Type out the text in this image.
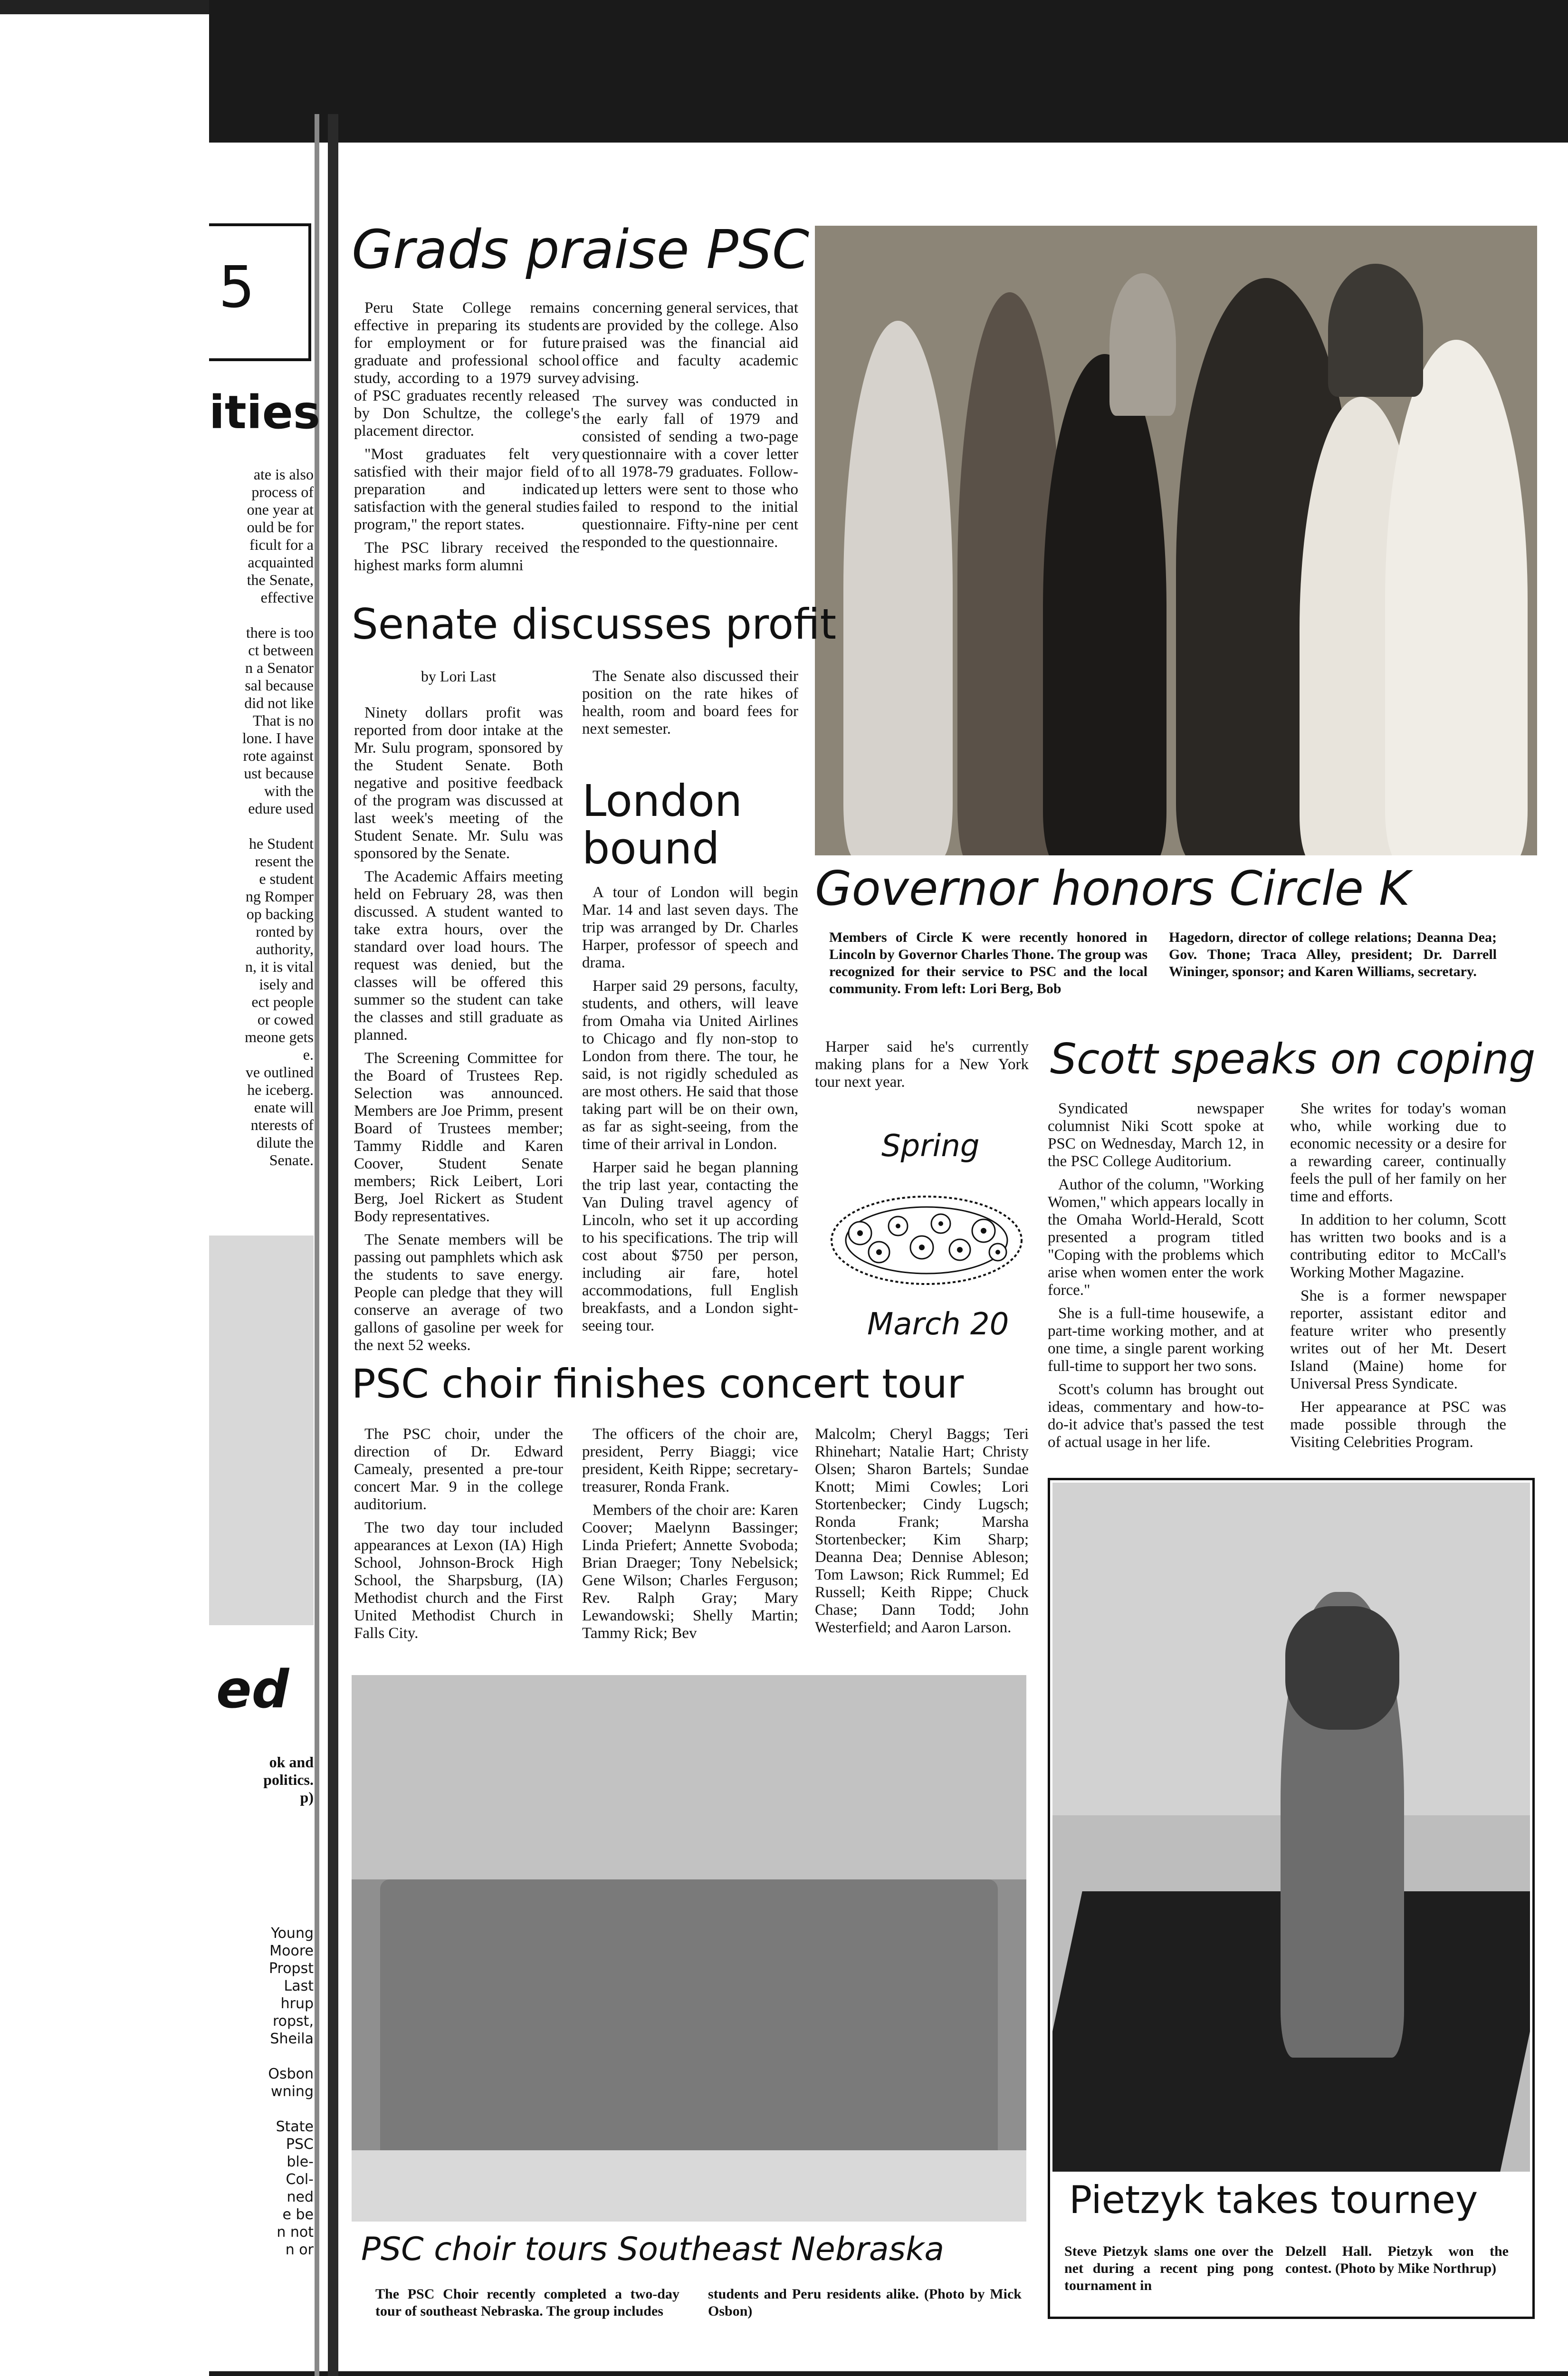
5
ities
ate is also
process of
one year at
ould be for
ficult for a
acquainted
the Senate,
effective

there is too
ct between
n a Senator
sal because
did not like
That is no
lone. I have
rote against
ust because
with the
edure used

he Student
resent the
e student
ng Romper
op backing
ronted by
authority,
n, it is vital
isely and
ect people
or cowed
meone gets
e.
ve outlined
he iceberg.
enate will
nterests of
dilute the
Senate.
ed
ok and
politics.
p)
Young
Moore
Propst
Last
hrup
ropst,
Sheila

Osbon
wning

State
PSC
ble-
Col-
ned
e be
n not
n or
Grads praise PSC

Peru State College remains effective in preparing its students for employment or for future graduate and professional school study, according to a 1979 survey of PSC graduates recently released by Don Schultze, the college's placement director.

"Most graduates felt very satisfied with their major field of preparation and indicated satisfaction with the general studies program," the report states.

The PSC library received the highest marks form alumni

concerning general services, that are provided by the college. Also praised was the financial aid office and faculty academic advising.

The survey was conducted in the early fall of 1979 and consisted of sending a two-page questionnaire with a cover letter to all 1978-79 graduates. Follow-up letters were sent to those who failed to respond to the initial questionnaire. Fifty-nine per cent responded to the questionnaire.

Senate discusses profit
by Lori Last

Ninety dollars profit was reported from door intake at the Mr. Sulu program, sponsored by the Student Senate. Both negative and positive feedback of the program was discussed at last week's meeting of the Student Senate. Mr. Sulu was sponsored by the Senate.

The Academic Affairs meeting held on February 28, was then discussed. A student wanted to take extra hours, over the standard over load hours. The request was denied, but the classes will be offered this summer so the student can take the classes and still graduate as planned.

The Screening Committee for the Board of Trustees Rep. Selection was announced. Members are Joe Primm, present Board of Trustees member; Tammy Riddle and Karen Coover, Student Senate members; Rick Leibert, Lori Berg, Joel Rickert as Student Body representatives.

The Senate members will be passing out pamphlets which ask the students to save energy. People can pledge that they will conserve an average of two gallons of gasoline per week for the next 52 weeks.

The Senate also discussed their position on the rate hikes of health, room and board fees for next semester.

London
bound

A tour of London will begin Mar. 14 and last seven days. The trip was arranged by Dr. Charles Harper, professor of speech and drama.

Harper said 29 persons, faculty, students, and others, will leave from Omaha via United Airlines to Chicago and fly non-stop to London from there. The tour, he said, is not rigidly scheduled as are most others. He said that those taking part will be on their own, as far as sight-seeing, from the time of their arrival in London.

Harper said he began planning the trip last year, contacting the Van Duling travel agency of Lincoln, who set it up according to his specifications. The trip will cost about $750 per person, including air fare, hotel accommodations, full English breakfasts, and a London sight-seeing tour.

Harper said he's currently making plans for a New York tour next year.

Governor honors Circle K
Members of Circle K were recently honored in Lincoln by Governor Charles Thone. The group was recognized for their service to PSC and the local community. From left: Lori Berg, Bob
Hagedorn, director of college relations; Deanna Dea; Gov. Thone; Traca Alley, president; Dr. Darrell Wininger, sponsor; and Karen Williams, secretary.
Spring
March 20
Scott speaks on coping

Syndicated newspaper columnist Niki Scott spoke at PSC on Wednesday, March 12, in the PSC College Auditorium.

Author of the column, "Working Women," which appears locally in the Omaha World-Herald, Scott presented a program titled "Coping with the problems which arise when women enter the work force."

She is a full-time housewife, a part-time working mother, and at one time, a single parent working full-time to support her two sons.

Scott's column has brought out ideas, commentary and how-to-do-it advice that's passed the test of actual usage in her life.

She writes for today's woman who, while working due to economic necessity or a desire for a rewarding career, continually feels the pull of her family on her time and efforts.

In addition to her column, Scott has written two books and is a contributing editor to McCall's Working Mother Magazine.

She is a former newspaper reporter, assistant editor and feature writer who presently writes out of her Mt. Desert Island (Maine) home for Universal Press Syndicate.

Her appearance at PSC was made possible through the Visiting Celebrities Program.

PSC choir finishes concert tour

The PSC choir, under the direction of Dr. Edward Camealy, presented a pre-tour concert Mar. 9 in the college auditorium.

The two day tour included appearances at Lexon (IA) High School, Johnson-Brock High School, the Sharpsburg, (IA) Methodist church and the First United Methodist Church in Falls City.

The officers of the choir are, president, Perry Biaggi; vice president, Keith Rippe; secretary-treasurer, Ronda Frank.

Members of the choir are: Karen Coover; Maelynn Bassinger; Linda Priefert; Annette Svoboda; Brian Draeger; Tony Nebelsick; Gene Wilson; Charles Ferguson; Rev. Ralph Gray; Mary Lewandowski; Shelly Martin; Tammy Rick; Bev

Malcolm; Cheryl Baggs; Teri Rhinehart; Natalie Hart; Christy Olsen; Sharon Bartels; Sundae Knott; Mimi Cowles; Lori Stortenbecker; Cindy Lugsch; Ronda Frank; Marsha Stortenbecker; Kim Sharp; Deanna Dea; Dennise Ableson; Tom Lawson; Rick Rummel; Ed Russell; Keith Rippe; Chuck Chase; Dann Todd; John Westerfield; and Aaron Larson.

PSC choir tours Southeast Nebraska
The PSC Choir recently completed a two-day tour of southeast Nebraska. The group includes
students and Peru residents alike. (Photo by Mick Osbon)
Pietzyk takes tourney
Steve Pietzyk slams one over the net during a recent ping pong tournament in
Delzell Hall. Pietzyk won the contest. (Photo by Mike Northrup)
